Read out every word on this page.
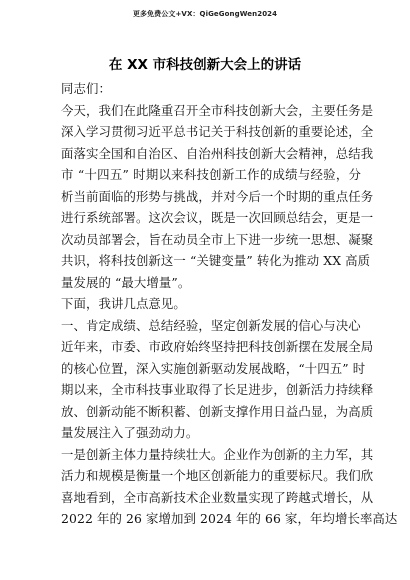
更多免费公文+VX：QiGeGongWen2024
在 XX 市科技创新大会上的讲话
同志们：
今天，我们在此隆重召开全市科技创新大会，主要任务是
深入学习贯彻习近平总书记关于科技创新的重要论述，全
面落实全国和自治区、自治州科技创新大会精神，总结我
市 “十四五” 时期以来科技创新工作的成绩与经验，分
析当前面临的形势与挑战，并对今后一个时期的重点任务
进行系统部署。这次会议，既是一次回顾总结会，更是一
次动员部署会，旨在动员全市上下进一步统一思想、凝聚
共识，将科技创新这一 “关键变量” 转化为推动 XX 高质
量发展的 “最大增量”。
下面，我讲几点意见。
一、肯定成绩、总结经验，坚定创新发展的信心与决心
近年来，市委、市政府始终坚持把科技创新摆在发展全局
的核心位置，深入实施创新驱动发展战略，“十四五” 时
期以来，全市科技事业取得了长足进步，创新活力持续释
放、创新动能不断积蓄、创新支撑作用日益凸显，为高质
量发展注入了强劲动力。
一是创新主体力量持续壮大。企业作为创新的主力军，其
活力和规模是衡量一个地区创新能力的重要标尺。我们欣
喜地看到，全市高新技术企业数量实现了跨越式增长，从
2022 年的 26 家增加到 2024 年的 66 家，年均增长率高达
